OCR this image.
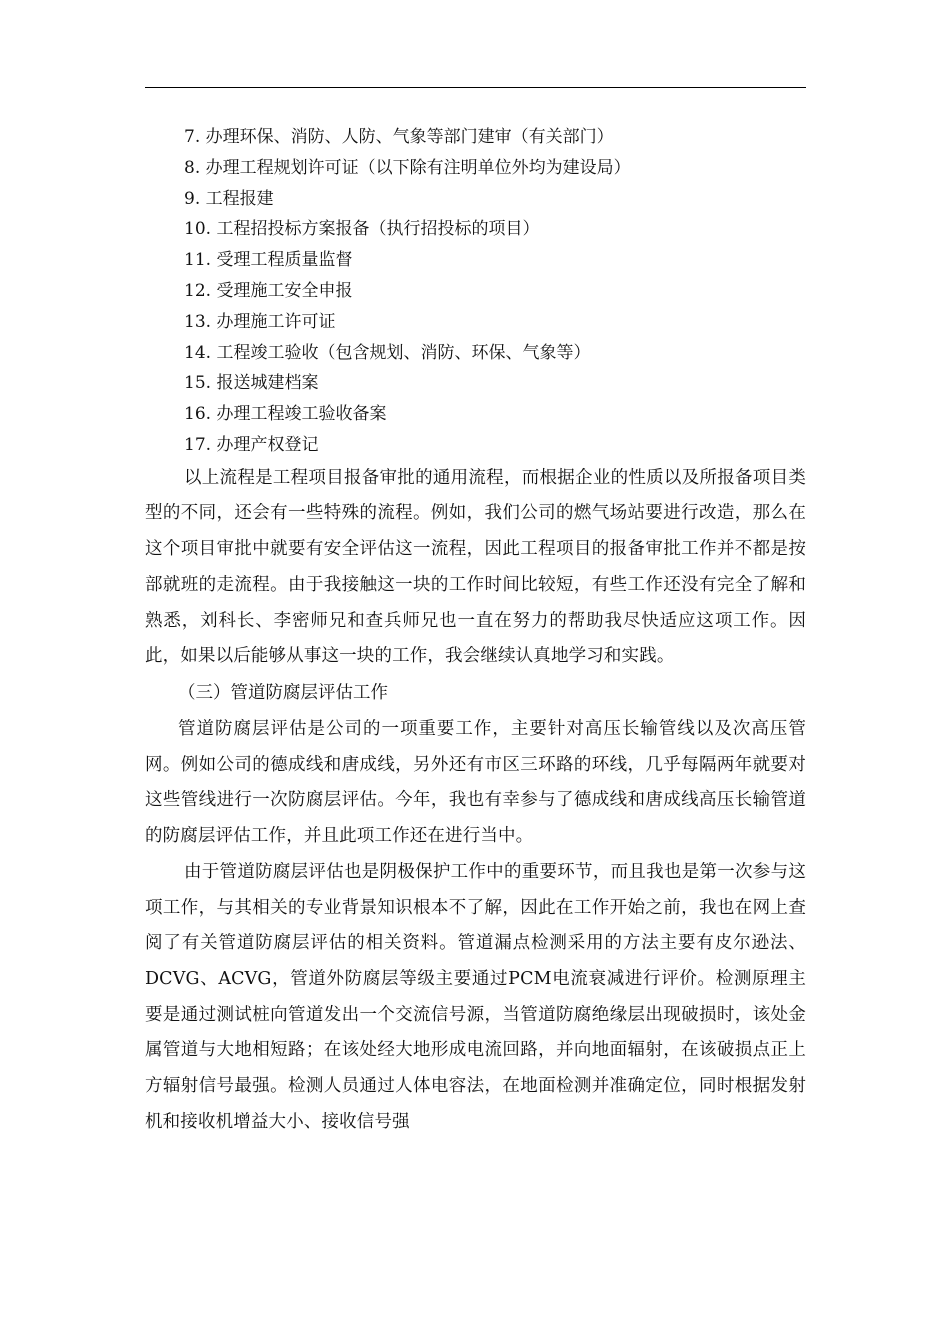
7. 办理环保、消防、人防、气象等部门建审（有关部门）
8. 办理工程规划许可证（以下除有注明单位外均为建设局）
9. 工程报建
10. 工程招投标方案报备（执行招投标的项目）
11. 受理工程质量监督
12. 受理施工安全申报
13. 办理施工许可证
14. 工程竣工验收（包含规划、消防、环保、气象等）
15. 报送城建档案
16. 办理工程竣工验收备案
17. 办理产权登记

以上流程是工程项目报备审批的通用流程，而根据企业的性质以及所报备项目类型的不同，还会有一些特殊的流程。例如，我们公司的燃气场站要进行改造，那么在这个项目审批中就要有安全评估这一流程，因此工程项目的报备审批工作并不都是按部就班的走流程。由于我接触这一块的工作时间比较短，有些工作还没有完全了解和熟悉，刘科长、李密师兄和查兵师兄也一直在努力的帮助我尽快适应这项工作。因此，如果以后能够从事这一块的工作，我会继续认真地学习和实践。

（三）管道防腐层评估工作

管道防腐层评估是公司的一项重要工作，主要针对高压长输管线以及次高压管网。例如公司的德成线和唐成线，另外还有市区三环路的环线，几乎每隔两年就要对这些管线进行一次防腐层评估。今年，我也有幸参与了德成线和唐成线高压长输管道的防腐层评估工作，并且此项工作还在进行当中。

由于管道防腐层评估也是阴极保护工作中的重要环节，而且我也是第一次参与这项工作，与其相关的专业背景知识根本不了解，因此在工作开始之前，我也在网上查阅了有关管道防腐层评估的相关资料。管道漏点检测采用的方法主要有皮尔逊法、DCVG、ACVG，管道外防腐层等级主要通过PCM电流衰减进行评价。检测原理主要是通过测试桩向管道发出一个交流信号源，当管道防腐绝缘层出现破损时，该处金属管道与大地相短路；在该处经大地形成电流回路，并向地面辐射，在该破损点正上方辐射信号最强。检测人员通过人体电容法，在地面检测并准确定位，同时根据发射机和接收机增益大小、接收信号强
